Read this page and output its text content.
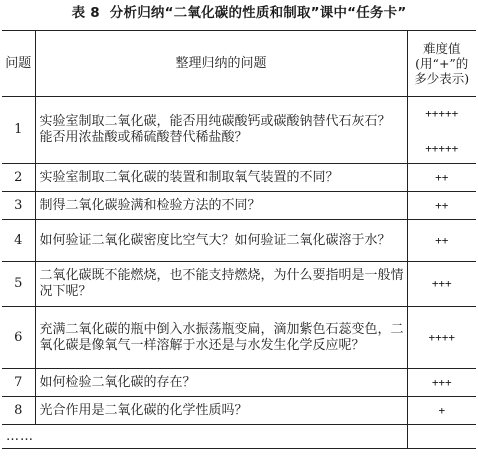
表 8 分析归纳“二氧化碳的性质和制取”课中“任务卡”
问题	整理归纳的问题	难度值
(用“+”的
多少表示)

1	实验室制取二氧化碳，能否用纯碳酸钙或碳酸钠替代石灰石？
能否用浓盐酸或稀硫酸替代稀盐酸？	+++++
+++++

2	实验室制取二氧化碳的装置和制取氧气装置的不同？	++
3	制得二氧化碳验满和检验方法的不同？	++
4	如何验证二氧化碳密度比空气大？如何验证二氧化碳溶于水？	++
5	二氧化碳既不能燃烧，也不能支持燃烧，为什么要指明是一般情况下呢？	+++
6	充满二氧化碳的瓶中倒入水振荡瓶变扁，滴加紫色石蕊变色，二氧化碳是像氧气一样溶解于水还是与水发生化学反应呢？	++++
7	如何检验二氧化碳的存在？	+++
8	光合作用是二氧化碳的化学性质吗？	+
……		
